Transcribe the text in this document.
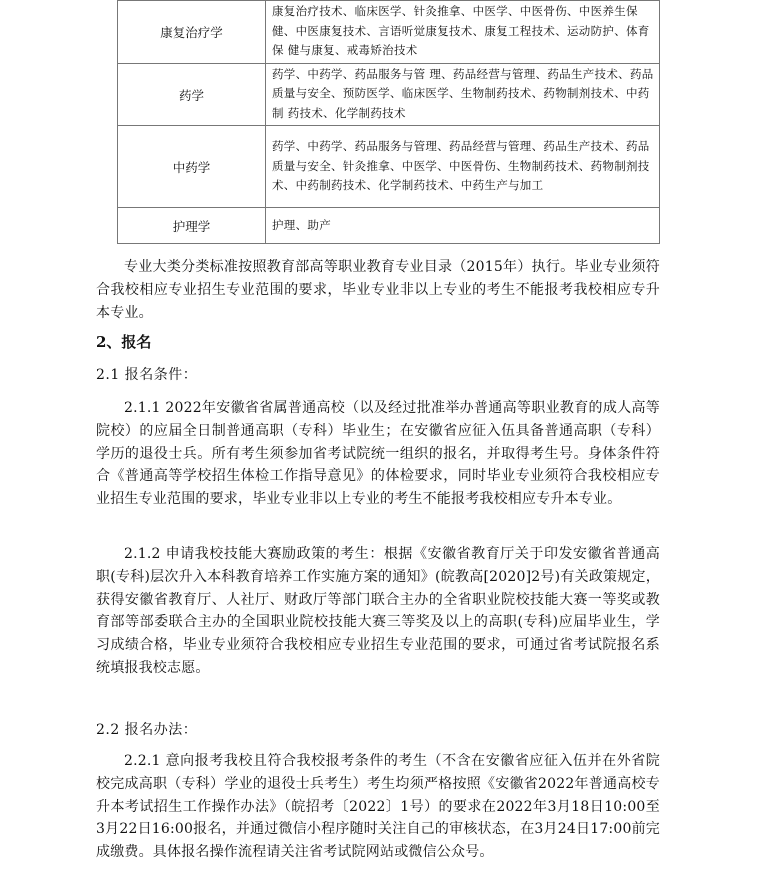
康复治疗学	康复治疗技术、临床医学、针灸推拿、中医学、中医骨伤、中医养生保健、中医康复技术、言语听觉康复技术、康复工程技术、运动防护、体育保 健与康复、戒毒矫治技术
药学	药学、中药学、药品服务与管 理、药品经营与管理、药品生产技术、药品质量与安全、预防医学、临床医学、生物制药技术、药物制剂技术、中药制 药技术、化学制药技术
中药学	药学、中药学、药品服务与管理、药品经营与管理、药品生产技术、药品质量与安全、针灸推拿、中医学、中医骨伤、生物制药技术、药物制剂技术、中药制药技术、化学制药技术、中药生产与加工
护理学	护理、助产

专业大类分类标准按照教育部高等职业教育专业目录（2015年）执行。毕业专业须符合我校相应专业招生专业范围的要求，毕业专业非以上专业的考生不能报考我校相应专升本专业。

2、报名

2.1 报名条件：

2.1.1 2022年安徽省省属普通高校（以及经过批准举办普通高等职业教育的成人高等院校）的应届全日制普通高职（专科）毕业生；在安徽省应征入伍具备普通高职（专科）学历的退役士兵。所有考生须参加省考试院统一组织的报名，并取得考生号。身体条件符合《普通高等学校招生体检工作指导意见》的体检要求，同时毕业专业须符合我校相应专业招生专业范围的要求，毕业专业非以上专业的考生不能报考我校相应专升本专业。

2.1.2 申请我校技能大赛励政策的考生：根据《安徽省教育厅关于印发安徽省普通高职(专科)层次升入本科教育培养工作实施方案的通知》(皖教高[2020]2号)有关政策规定，获得安徽省教育厅、人社厅、财政厅等部门联合主办的全省职业院校技能大赛一等奖或教育部等部委联合主办的全国职业院校技能大赛三等奖及以上的高职(专科)应届毕业生，学习成绩合格，毕业专业须符合我校相应专业招生专业范围的要求，可通过省考试院报名系统填报我校志愿。

2.2 报名办法：

2.2.1 意向报考我校且符合我校报考条件的考生（不含在安徽省应征入伍并在外省院校完成高职（专科）学业的退役士兵考生）考生均须严格按照《安徽省2022年普通高校专升本考试招生工作操作办法》（皖招考〔2022〕1号）的要求在2022年3月18日10:00至3月22日16:00报名，并通过微信小程序随时关注自己的审核状态，在3月24日17:00前完成缴费。具体报名操作流程请关注省考试院网站或微信公众号。
